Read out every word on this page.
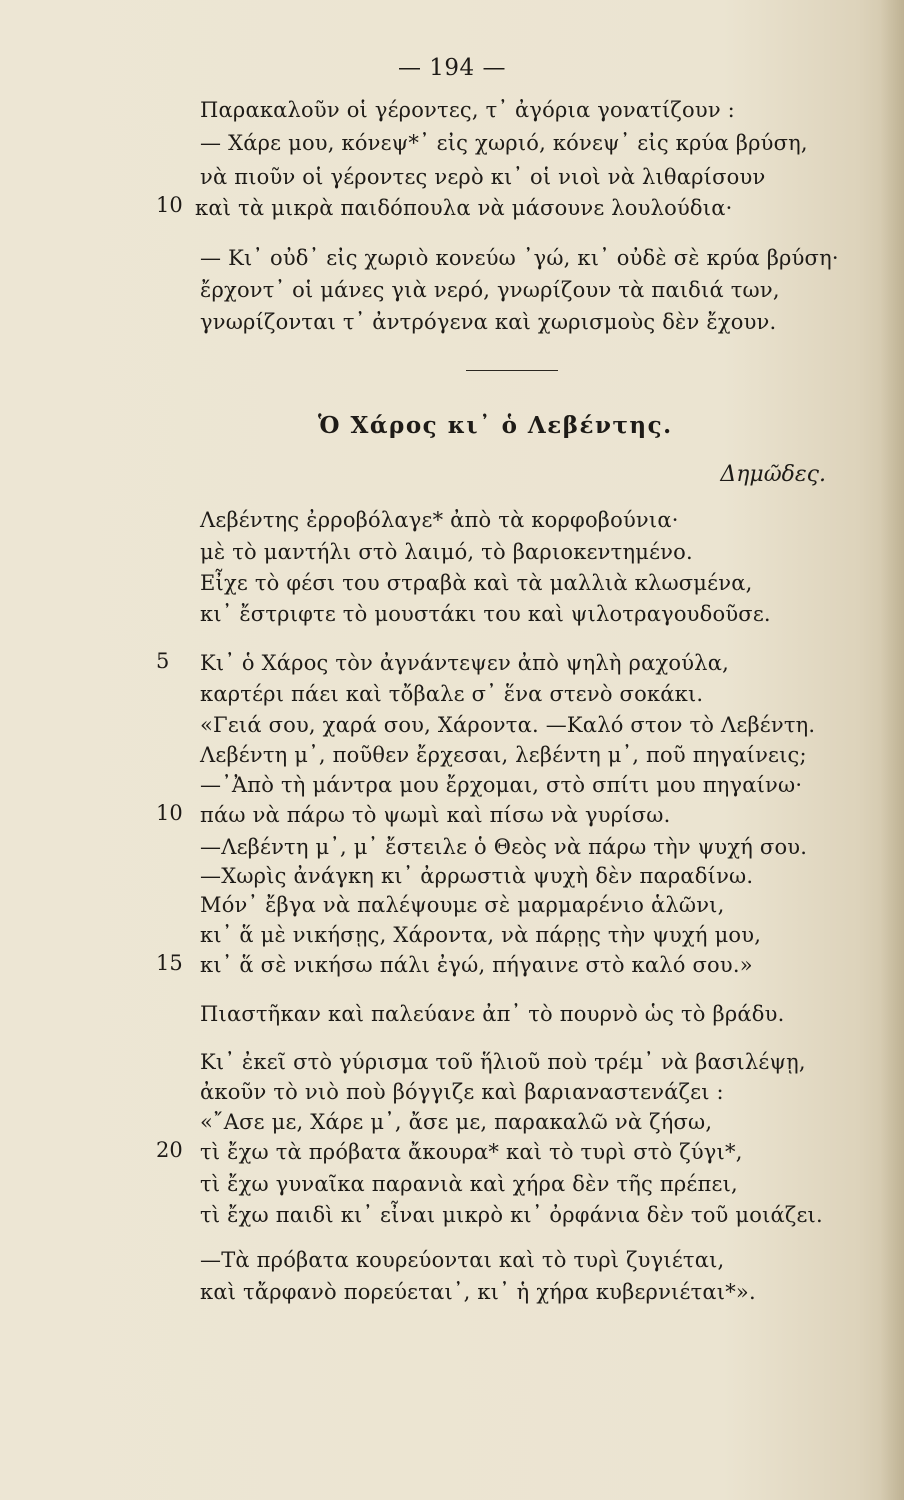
— 194 —
Παρακαλοῦν οἱ γέροντες, τ᾽ ἀγόρια γονατίζουν :
— Χάρε μου, κόνεψ*᾽ εἰς χωριό, κόνεψ᾽ εἰς κρύα βρύση,
νὰ πιοῦν οἱ γέροντες νερὸ κι᾽ οἱ νιοὶ νὰ λιθαρίσουν
10 καὶ τὰ μικρὰ παιδόπουλα νὰ μάσουνε λουλούδια·
— Κι᾽ οὐδ᾽ εἰς χωριὸ κονεύω ᾽γώ, κι᾽ οὐδὲ σὲ κρύα βρύση·
ἔρχοντ᾽ οἱ μάνες γιὰ νερό, γνωρίζουν τὰ παιδιά των,
γνωρίζονται τ᾽ ἀντρόγενα καὶ χωρισμοὺς δὲν ἔχουν.
Ὁ Χάρος κι᾽ ὁ Λεβέντης.
Δημῶδες.
Λεβέντης ἐρροβόλαγε* ἀπὸ τὰ κορφοβούνια·
μὲ τὸ μαντήλι στὸ λαιμό, τὸ βαριοκεντημένο.
Εἶχε τὸ φέσι του στραβὰ καὶ τὰ μαλλιὰ κλωσμένα,
κι᾽ ἔστριφτε τὸ μουστάκι του καὶ ψιλοτραγουδοῦσε.
5 Κι᾽ ὁ Χάρος τὸν ἀγνάντεψεν ἀπὸ ψηλὴ ραχούλα,
καρτέρι πάει καὶ τὄβαλε σ᾽ ἕνα στενὸ σοκάκι.
«Γειά σου, χαρά σου, Χάροντα. —Καλό στον τὸ Λεβέντη.
Λεβέντη μ᾽, ποῦθεν ἔρχεσαι, λεβέντη μ᾽, ποῦ πηγαίνεις;
—᾽Ἀπὸ τὴ μάντρα μου ἔρχομαι, στὸ σπίτι μου πηγαίνω·
10 πάω νὰ πάρω τὸ ψωμὶ καὶ πίσω νὰ γυρίσω.
—Λεβέντη μ᾽, μ᾽ ἔστειλε ὁ Θεὸς νὰ πάρω τὴν ψυχή σου.
—Χωρὶς ἀνάγκη κι᾽ ἀρρωστιὰ ψυχὴ δὲν παραδίνω.
Μόν᾽ ἔβγα νὰ παλέψουμε σὲ μαρμαρένιο ἁλῶνι,
κι᾽ ἅ μὲ νικήσῃς, Χάροντα, νὰ πάρῃς τὴν ψυχή μου,
15 κι᾽ ἅ σὲ νικήσω πάλι ἐγώ, πήγαινε στὸ καλό σου.»
Πιαστῆκαν καὶ παλεύανε ἀπ᾽ τὸ πουρνὸ ὡς τὸ βράδυ.
Κι᾽ ἐκεῖ στὸ γύρισμα τοῦ ἥλιοῦ ποὺ τρέμ᾽ νὰ βασιλέψῃ,
ἀκοῦν τὸ νιὸ ποὺ βόγγιζε καὶ βαριαναστενάζει :
«῎Ασε με, Χάρε μ᾽, ἄσε με, παρακαλῶ νὰ ζήσω,
20 τὶ ἔχω τὰ πρόβατα ἄκουρα* καὶ τὸ τυρὶ στὸ ζύγι*,
τὶ ἔχω γυναῖκα παρανιὰ καὶ χήρα δὲν τῆς πρέπει,
τὶ ἔχω παιδὶ κι᾽ εἶναι μικρὸ κι᾽ ὀρφάνια δὲν τοῦ μοιάζει.
—Τὰ πρόβατα κουρεύονται καὶ τὸ τυρὶ ζυγιέται,
καὶ τἄρφανὸ πορεύεται᾽, κι᾽ ἡ χήρα κυβερνιέται*».
